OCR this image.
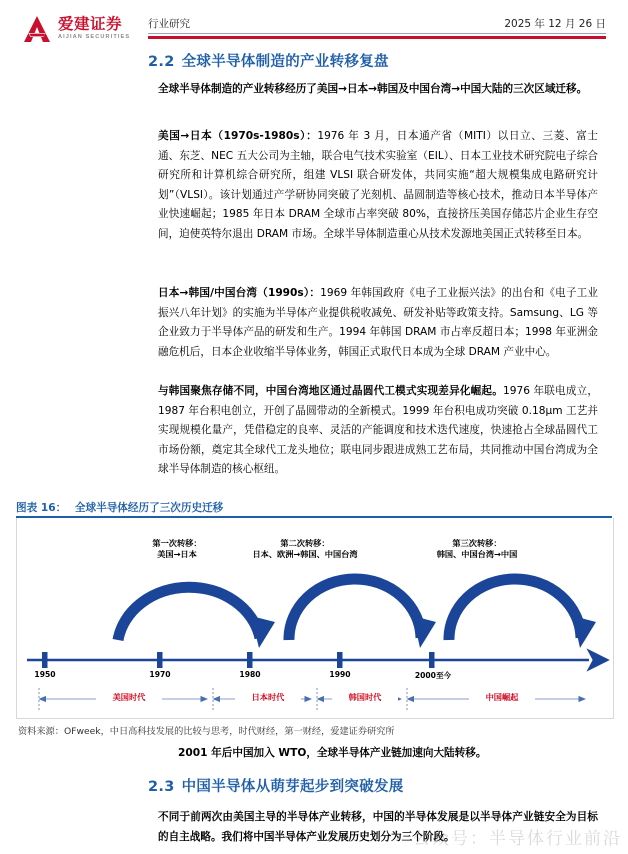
爱建证券
AIJIAN SECURITIES
行业研究	2025 年 12 月 26 日
2.2 全球半导体制造的产业转移复盘
全球半导体制造的产业转移经历了美国→日本→韩国及中国台湾→中国大陆的三次区域迁移。
美国→日本（1970s-1980s）：1976 年 3 月，日本通产省（MITI）以日立、三菱、富士通、东芝、NEC 五大公司为主轴，联合电气技术实验室（EIL）、日本工业技术研究院电子综合研究所和计算机综合研究所，组建 VLSI 联合研发体，共同实施“超大规模集成电路研究计划”（VLSI）。该计划通过产学研协同突破了光刻机、晶圆制造等核心技术，推动日本半导体产业快速崛起；1985 年日本 DRAM 全球市占率突破 80%，直接挤压美国存储芯片企业生存空间，迫使英特尔退出 DRAM 市场。全球半导体制造重心从技术发源地美国正式转移至日本。
日本→韩国/中国台湾（1990s）：1969 年韩国政府《电子工业振兴法》的出台和《电子工业振兴八年计划》的实施为半导体产业提供税收减免、研发补贴等政策支持。Samsung、LG 等企业致力于半导体产品的研发和生产。1994 年韩国 DRAM 市占率反超日本；1998 年亚洲金融危机后，日本企业收缩半导体业务，韩国正式取代日本成为全球 DRAM 产业中心。
与韩国聚焦存储不同，中国台湾地区通过晶圆代工模式实现差异化崛起。1976 年联电成立，1987 年台积电创立，开创了晶圆带动的全新模式。1999 年台积电成功突破 0.18μm 工艺并实现规模化量产，凭借稳定的良率、灵活的产能调度和技术迭代速度，快速抢占全球晶圆代工市场份额，奠定其全球代工龙头地位；联电同步跟进成熟工艺布局，共同推动中国台湾成为全球半导体制造的核心枢纽。
图表 16： 全球半导体经历了三次历史迁移
第一次转移：
美国→日本
第二次转移：
日本、欧洲→韩国、中国台湾
第三次转移：
韩国、中国台湾→中国
1950	1970	1980	1990	2000至今
美国时代	日本时代	韩国时代	中国崛起
资料来源：OFweek，中日高科技发展的比较与思考，时代财经，第一财经，爱建证券研究所
2001 年后中国加入 WTO，全球半导体产业链加速向大陆转移。
2.3 中国半导体从萌芽起步到突破发展
不同于前两次由美国主导的半导体产业转移，中国的半导体发展是以半导体产业链安全为目标的自主战略。我们将中国半导体产业发展历史划分为三个阶段。
公众号：半导体行业前沿
